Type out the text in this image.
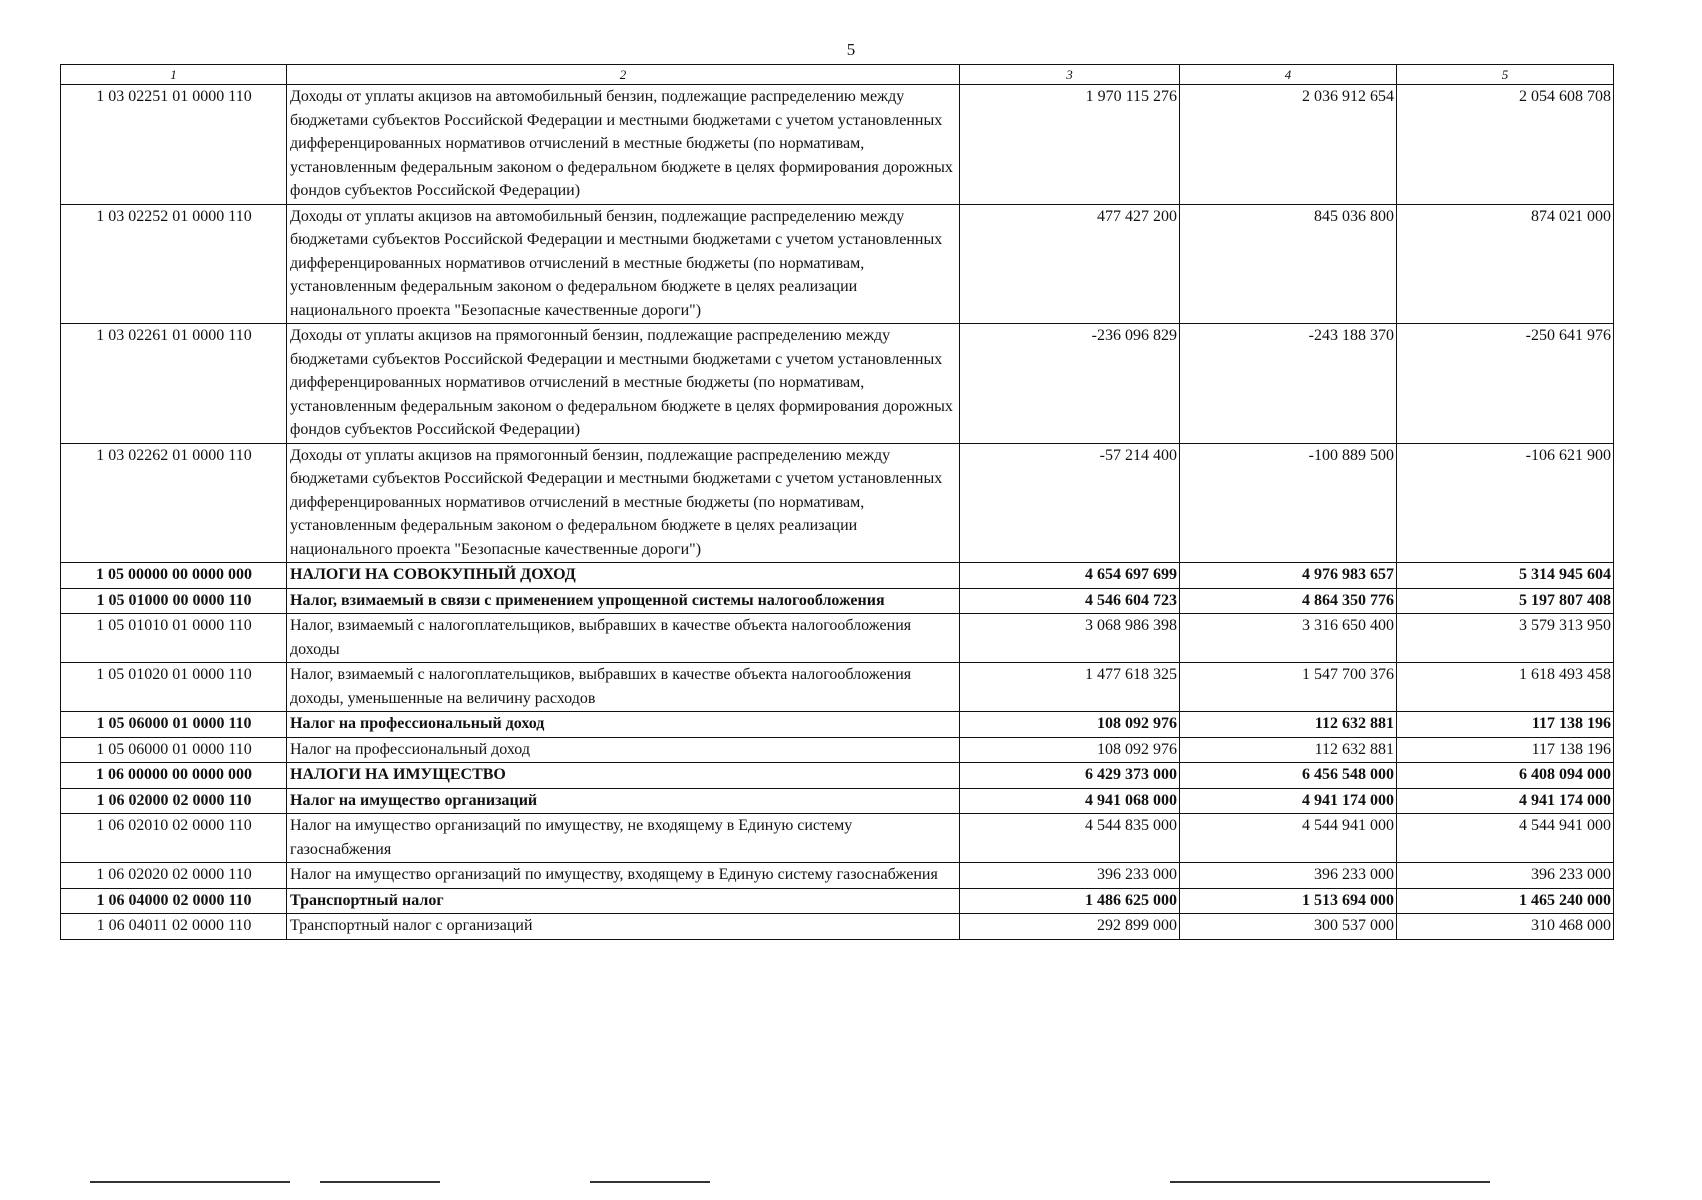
5
1	2	3	4	5
1 03 02251 01 0000 110	Доходы от уплаты акцизов на автомобильный бензин, подлежащие распределению между бюджетами субъектов Российской Федерации и местными бюджетами с учетом установленных дифференцированных нормативов отчислений в местные бюджеты (по нормативам, установленным федеральным законом о федеральном бюджете в целях формирования дорожных фондов субъектов Российской Федерации)	1 970 115 276	2 036 912 654	2 054 608 708
1 03 02252 01 0000 110	Доходы от уплаты акцизов на автомобильный бензин, подлежащие распределению между бюджетами субъектов Российской Федерации и местными бюджетами с учетом установленных дифференцированных нормативов отчислений в местные бюджеты (по нормативам, установленным федеральным законом о федеральном бюджете в целях реализации национального проекта "Безопасные качественные дороги")	477 427 200	845 036 800	874 021 000
1 03 02261 01 0000 110	Доходы от уплаты акцизов на прямогонный бензин, подлежащие распределению между бюджетами субъектов Российской Федерации и местными бюджетами с учетом установленных дифференцированных нормативов отчислений в местные бюджеты (по нормативам, установленным федеральным законом о федеральном бюджете в целях формирования дорожных фондов субъектов Российской Федерации)	-236 096 829	-243 188 370	-250 641 976
1 03 02262 01 0000 110	Доходы от уплаты акцизов на прямогонный бензин, подлежащие распределению между бюджетами субъектов Российской Федерации и местными бюджетами с учетом установленных дифференцированных нормативов отчислений в местные бюджеты (по нормативам, установленным федеральным законом о федеральном бюджете в целях реализации национального проекта "Безопасные качественные дороги")	-57 214 400	-100 889 500	-106 621 900
1 05 00000 00 0000 000	НАЛОГИ НА СОВОКУПНЫЙ ДОХОД	4 654 697 699	4 976 983 657	5 314 945 604
1 05 01000 00 0000 110	Налог, взимаемый в связи с применением упрощенной системы налогообложения	4 546 604 723	4 864 350 776	5 197 807 408
1 05 01010 01 0000 110	Налог, взимаемый с налогоплательщиков, выбравших в качестве объекта налогообложения доходы	3 068 986 398	3 316 650 400	3 579 313 950
1 05 01020 01 0000 110	Налог, взимаемый с налогоплательщиков, выбравших в качестве объекта налогообложения доходы, уменьшенные на величину расходов	1 477 618 325	1 547 700 376	1 618 493 458
1 05 06000 01 0000 110	Налог на профессиональный доход	108 092 976	112 632 881	117 138 196
1 05 06000 01 0000 110	Налог на профессиональный доход	108 092 976	112 632 881	117 138 196
1 06 00000 00 0000 000	НАЛОГИ НА ИМУЩЕСТВО	6 429 373 000	6 456 548 000	6 408 094 000
1 06 02000 02 0000 110	Налог на имущество организаций	4 941 068 000	4 941 174 000	4 941 174 000
1 06 02010 02 0000 110	Налог на имущество организаций по имуществу, не входящему в Единую систему газоснабжения	4 544 835 000	4 544 941 000	4 544 941 000
1 06 02020 02 0000 110	Налог на имущество организаций по имуществу, входящему в Единую систему газоснабжения	396 233 000	396 233 000	396 233 000
1 06 04000 02 0000 110	Транспортный налог	1 486 625 000	1 513 694 000	1 465 240 000
1 06 04011 02 0000 110	Транспортный налог с организаций	292 899 000	300 537 000	310 468 000
